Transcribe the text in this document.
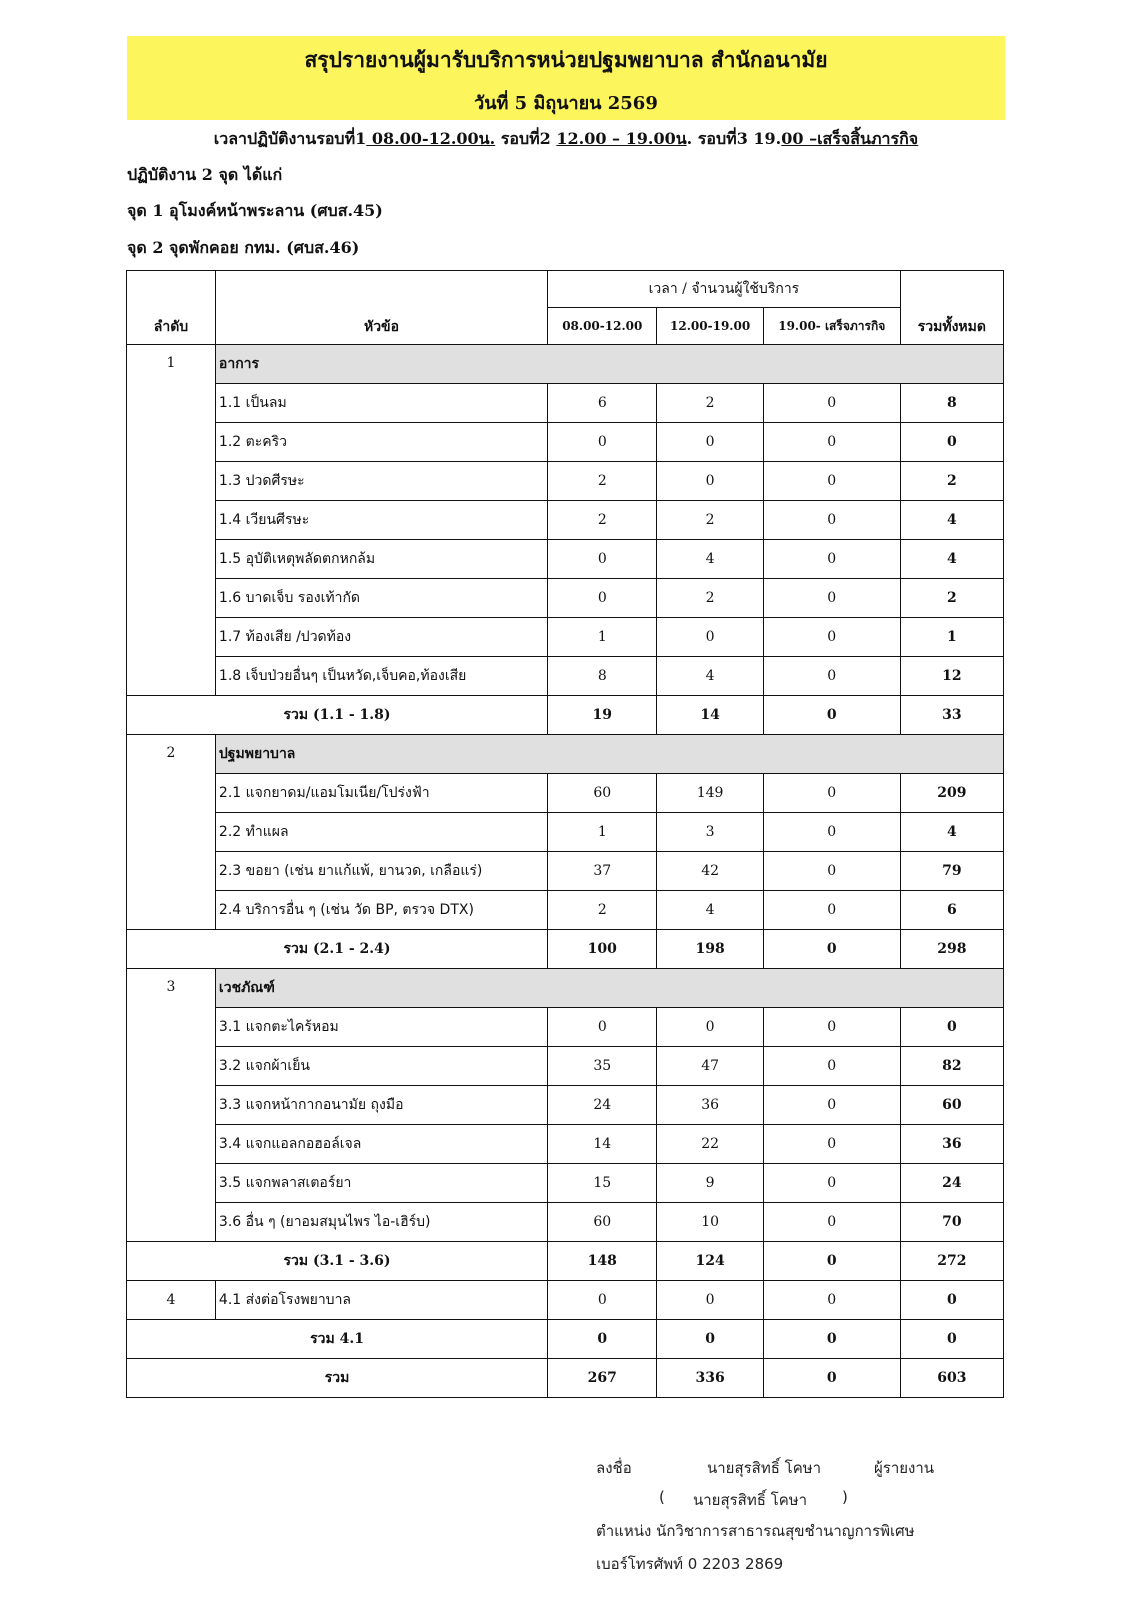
สรุปรายงานผู้มารับบริการหน่วยปฐมพยาบาล สำนักอนามัย
วันที่ 5 มิถุนายน 2569
เวลาปฏิบัติงานรอบที่1 08.00-12.00น. รอบที่2 12.00 – 19.00น. รอบที่3 19.00 –เสร็จสิ้นภารกิจ
ปฏิบัติงาน 2 จุด ได้แก่
จุด 1 อุโมงค์หน้าพระลาน (ศบส.45)
จุด 2 จุดพักคอย กทม. (ศบส.46)
ลำดับ	หัวข้อ	เวลา / จำนวนผู้ใช้บริการ			รวมทั้งหมด
		08.00-12.00	12.00-19.00	19.00- เสร็จภารกิจ	
1	อาการ				
	1.1 เป็นลม	6	2	0	8
	1.2 ตะคริว	0	0	0	0
	1.3 ปวดศีรษะ	2	0	0	2
	1.4 เวียนศีรษะ	2	2	0	4
	1.5 อุบัติเหตุพลัดตกหกล้ม	0	4	0	4
	1.6 บาดเจ็บ รองเท้ากัด	0	2	0	2
	1.7 ท้องเสีย /ปวดท้อง	1	0	0	1
	1.8 เจ็บป่วยอื่นๆ เป็นหวัด,เจ็บคอ,ท้องเสีย	8	4	0	12
รวม (1.1 - 1.8)		19	14	0	33
2	ปฐมพยาบาล				
	2.1 แจกยาดม/แอมโมเนีย/โปร่งฟ้า	60	149	0	209
	2.2 ทำแผล	1	3	0	4
	2.3 ขอยา (เช่น ยาแก้แพ้, ยานวด, เกลือแร่)	37	42	0	79
	2.4 บริการอื่น ๆ (เช่น วัด BP, ตรวจ DTX)	2	4	0	6
รวม (2.1 - 2.4)		100	198	0	298
3	เวชภัณฑ์				
	3.1 แจกตะไคร้หอม	0	0	0	0
	3.2 แจกผ้าเย็น	35	47	0	82
	3.3 แจกหน้ากากอนามัย ถุงมือ	24	36	0	60
	3.4 แจกแอลกอฮอล์เจล	14	22	0	36
	3.5 แจกพลาสเตอร์ยา	15	9	0	24
	3.6 อื่น ๆ (ยาอมสมุนไพร ไอ-เฮิร์บ)	60	10	0	70
รวม (3.1 - 3.6)		148	124	0	272
4	4.1 ส่งต่อโรงพยาบาล	0	0	0	0
รวม 4.1		0	0	0	0
รวม		267	336	0	603
ลงชื่อ	นายสุรสิทธิ์ โคษา	ผู้รายงาน
( นายสุรสิทธิ์ โคษา )
ตำแหน่ง นักวิชาการสาธารณสุขชำนาญการพิเศษ
เบอร์โทรศัพท์ 0 2203 2869
